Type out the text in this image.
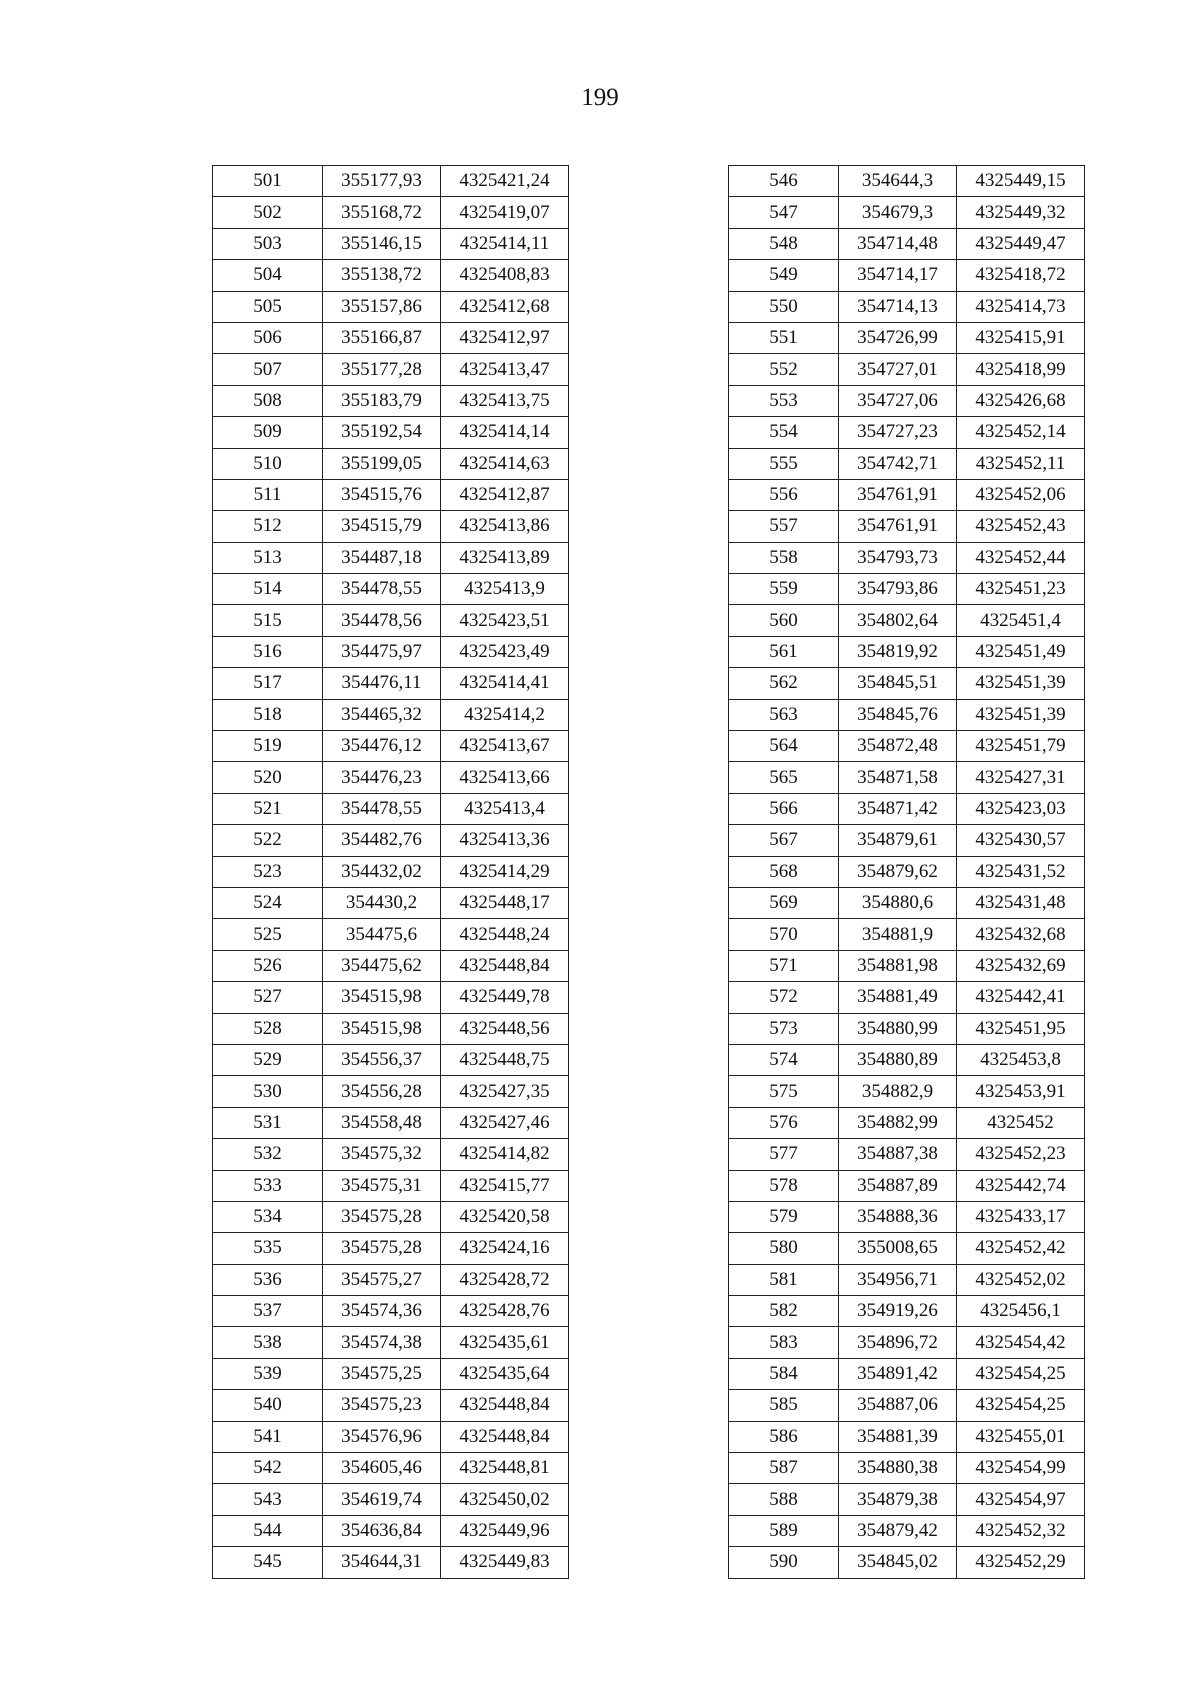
199
501	355177,93	4325421,24
502	355168,72	4325419,07
503	355146,15	4325414,11
504	355138,72	4325408,83
505	355157,86	4325412,68
506	355166,87	4325412,97
507	355177,28	4325413,47
508	355183,79	4325413,75
509	355192,54	4325414,14
510	355199,05	4325414,63
511	354515,76	4325412,87
512	354515,79	4325413,86
513	354487,18	4325413,89
514	354478,55	4325413,9
515	354478,56	4325423,51
516	354475,97	4325423,49
517	354476,11	4325414,41
518	354465,32	4325414,2
519	354476,12	4325413,67
520	354476,23	4325413,66
521	354478,55	4325413,4
522	354482,76	4325413,36
523	354432,02	4325414,29
524	354430,2	4325448,17
525	354475,6	4325448,24
526	354475,62	4325448,84
527	354515,98	4325449,78
528	354515,98	4325448,56
529	354556,37	4325448,75
530	354556,28	4325427,35
531	354558,48	4325427,46
532	354575,32	4325414,82
533	354575,31	4325415,77
534	354575,28	4325420,58
535	354575,28	4325424,16
536	354575,27	4325428,72
537	354574,36	4325428,76
538	354574,38	4325435,61
539	354575,25	4325435,64
540	354575,23	4325448,84
541	354576,96	4325448,84
542	354605,46	4325448,81
543	354619,74	4325450,02
544	354636,84	4325449,96
545	354644,31	4325449,83
546	354644,3	4325449,15
547	354679,3	4325449,32
548	354714,48	4325449,47
549	354714,17	4325418,72
550	354714,13	4325414,73
551	354726,99	4325415,91
552	354727,01	4325418,99
553	354727,06	4325426,68
554	354727,23	4325452,14
555	354742,71	4325452,11
556	354761,91	4325452,06
557	354761,91	4325452,43
558	354793,73	4325452,44
559	354793,86	4325451,23
560	354802,64	4325451,4
561	354819,92	4325451,49
562	354845,51	4325451,39
563	354845,76	4325451,39
564	354872,48	4325451,79
565	354871,58	4325427,31
566	354871,42	4325423,03
567	354879,61	4325430,57
568	354879,62	4325431,52
569	354880,6	4325431,48
570	354881,9	4325432,68
571	354881,98	4325432,69
572	354881,49	4325442,41
573	354880,99	4325451,95
574	354880,89	4325453,8
575	354882,9	4325453,91
576	354882,99	4325452
577	354887,38	4325452,23
578	354887,89	4325442,74
579	354888,36	4325433,17
580	355008,65	4325452,42
581	354956,71	4325452,02
582	354919,26	4325456,1
583	354896,72	4325454,42
584	354891,42	4325454,25
585	354887,06	4325454,25
586	354881,39	4325455,01
587	354880,38	4325454,99
588	354879,38	4325454,97
589	354879,42	4325452,32
590	354845,02	4325452,29
